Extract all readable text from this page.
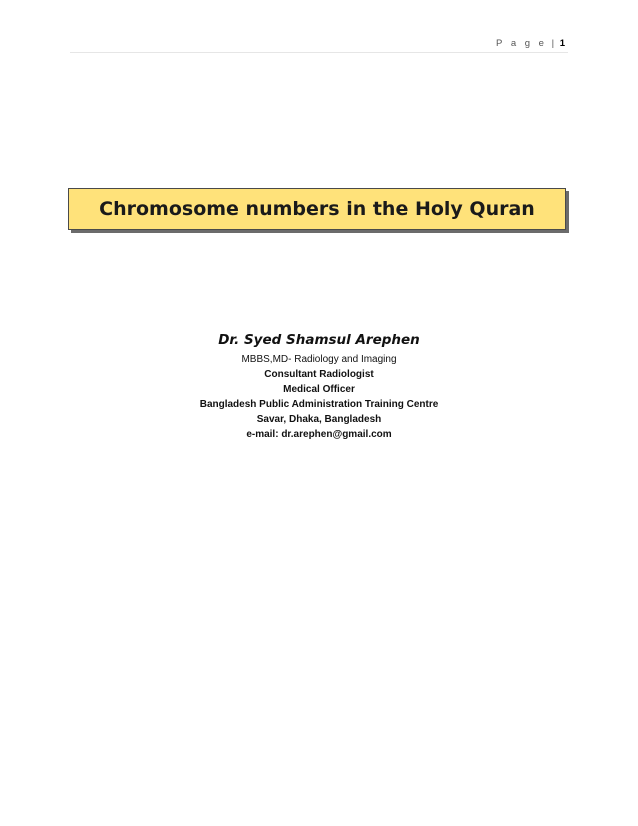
P a g e | 1
Chromosome numbers in the Holy Quran
Dr. Syed Shamsul Arephen
MBBS,MD- Radiology and Imaging
Consultant Radiologist
Medical Officer
Bangladesh Public Administration Training Centre
Savar, Dhaka, Bangladesh
e-mail: dr.arephen@gmail.com
